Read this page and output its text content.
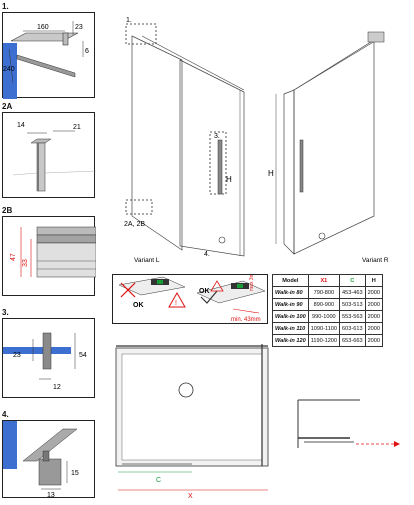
1.
160	23
240
6
2A
14	21
2B
47
33
3.
54
23
12
4.
15
13
1.
2A, 2B
3.
4.
H
Variant L
H
Variant R
!
OK
OK
max 3mm
min. 43mm
Model	X1	C	H
Walk-in 80	790-800	453-463	2000
Walk-in 90	890-900	503-513	2000
Walk-in 100	990-1000	553-563	2000
Walk-in 110	1090-1100	603-613	2000
Walk-in 120	1190-1200	653-663	2000
C
X
